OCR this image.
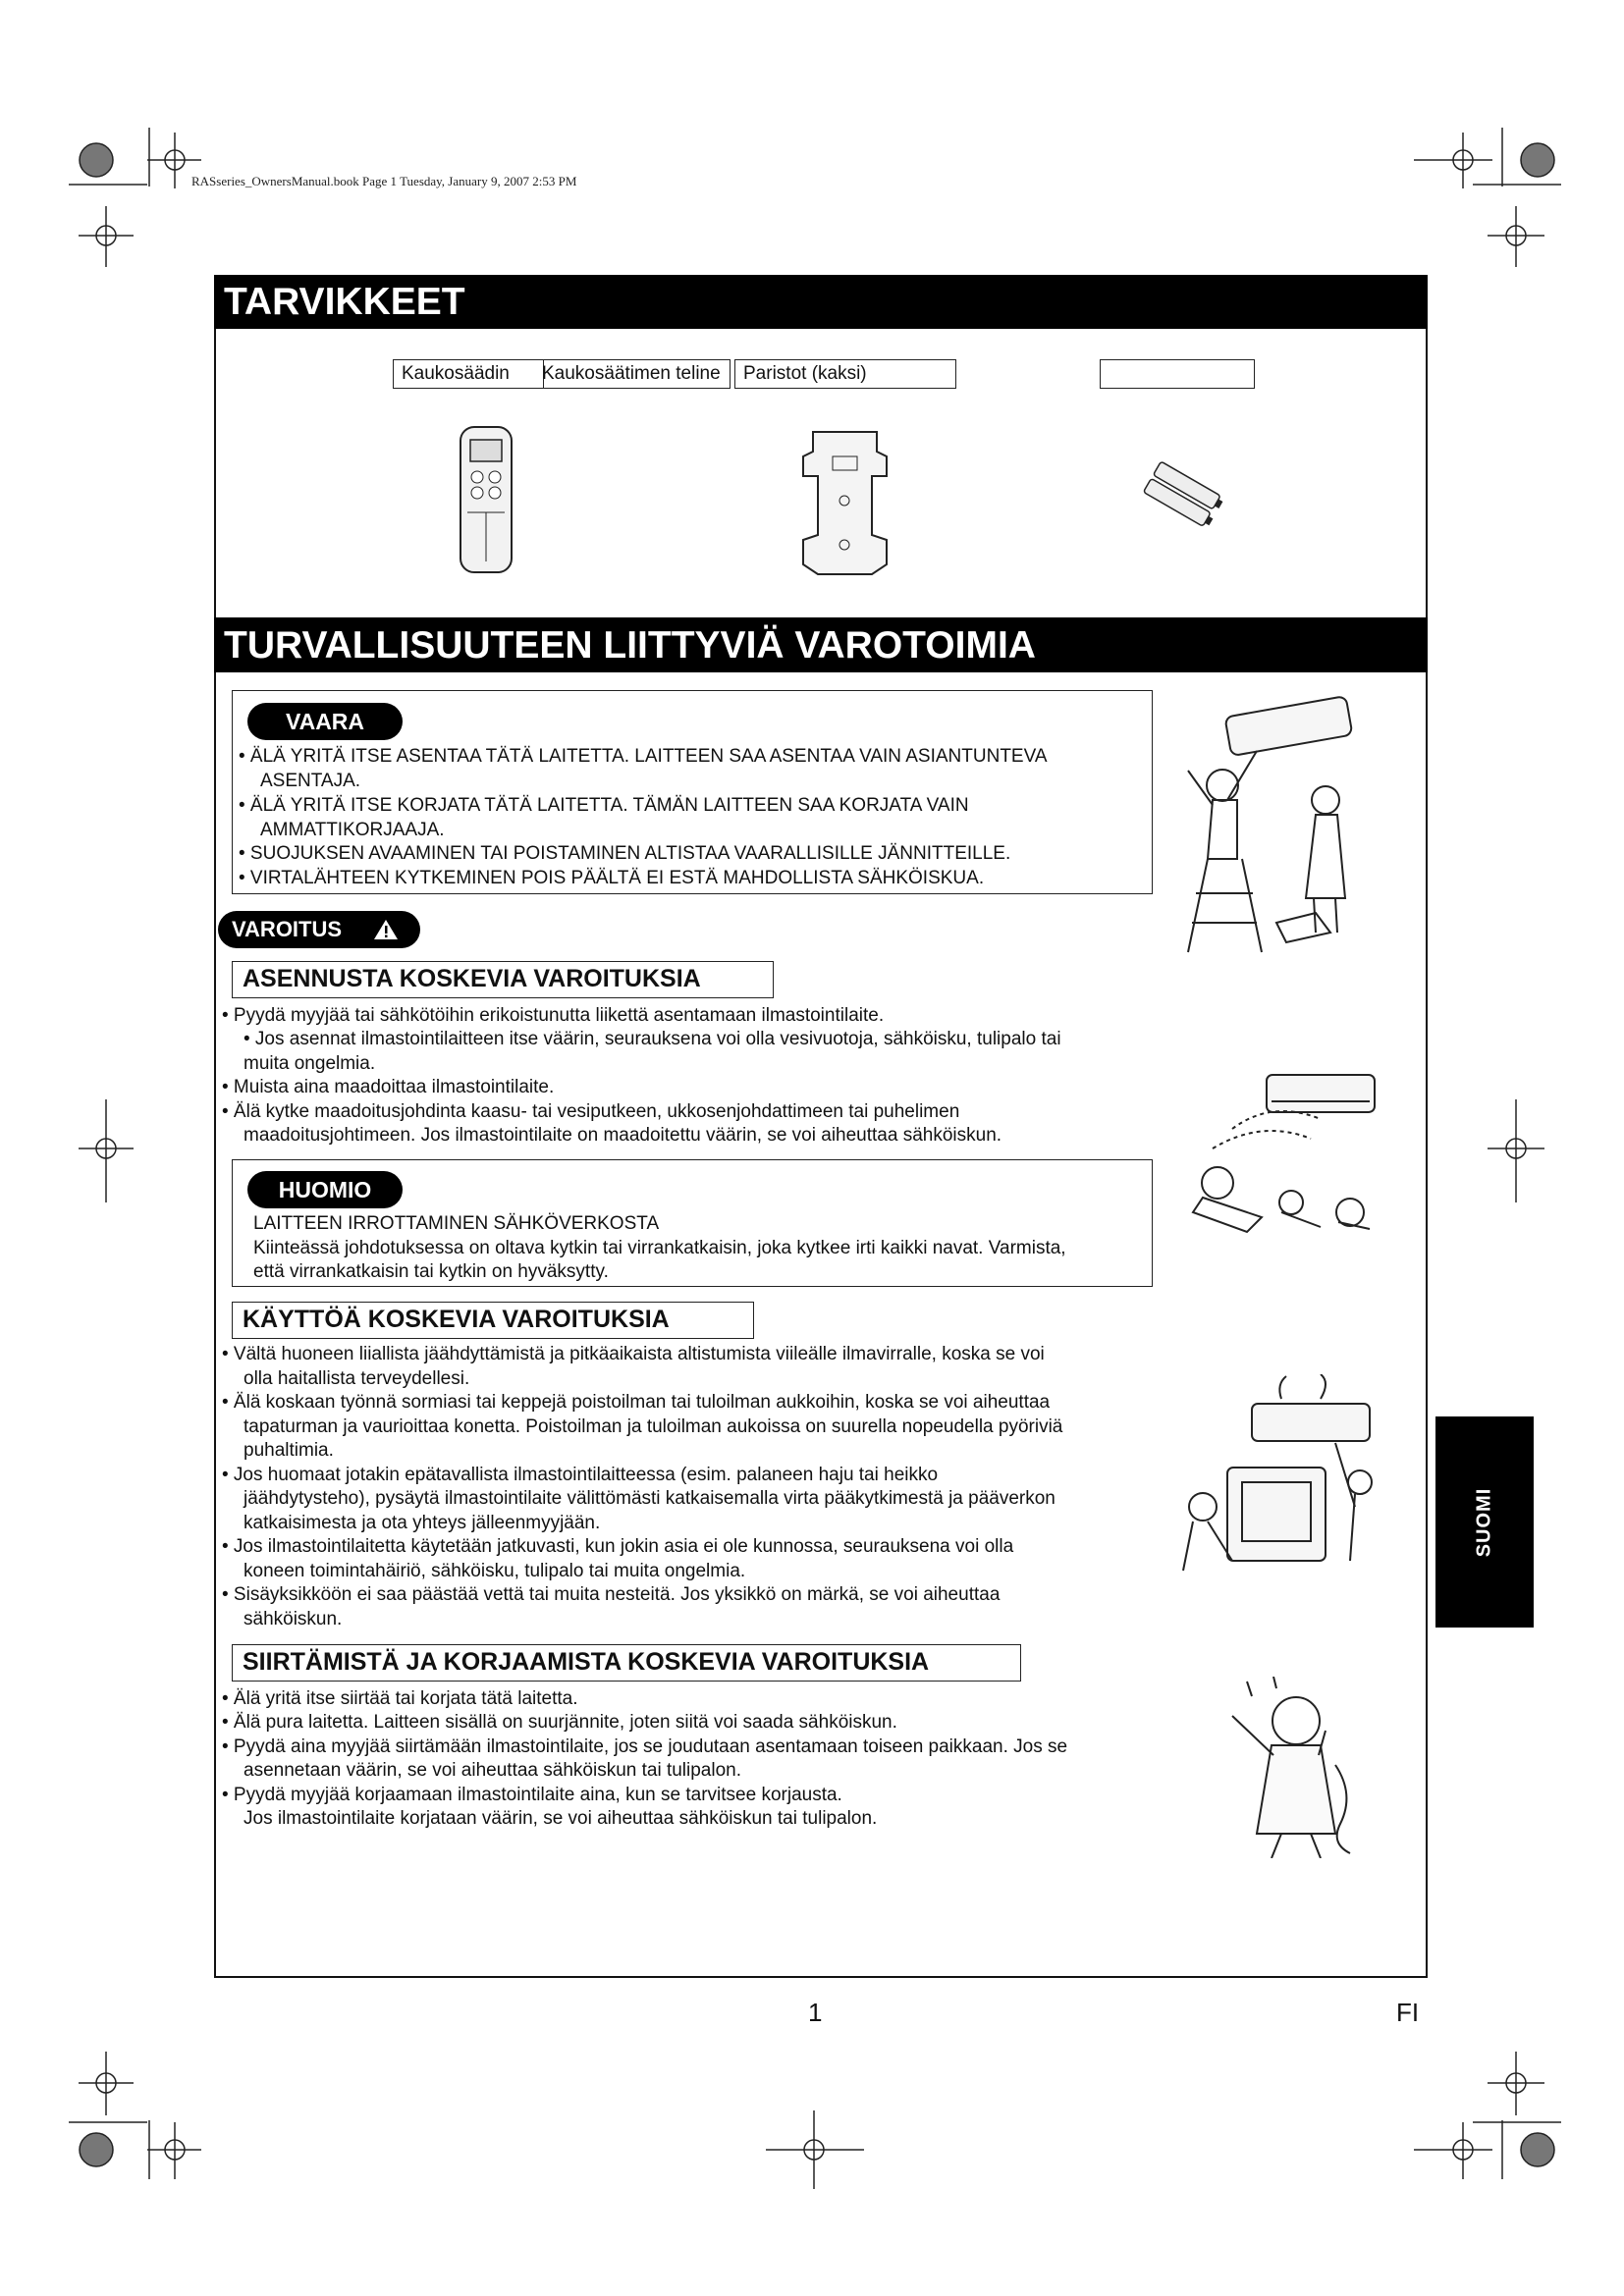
RASseries_OwnersManual.book Page 1 Tuesday, January 9, 2007 2:53 PM
TARVIKKEET
Kaukosäädin	Kaukosäätimen teline	Paristot (kaksi)
TURVALLISUUTEEN LIITTYVIÄ VAROTOIMIA
VAARA
• ÄLÄ YRITÄ ITSE ASENTAA TÄTÄ LAITETTA. LAITTEEN SAA ASENTAA VAIN ASIANTUNTEVA
ASENTAJA.
• ÄLÄ YRITÄ ITSE KORJATA TÄTÄ LAITETTA. TÄMÄN LAITTEEN SAA KORJATA VAIN
AMMATTIKORJAAJA.
• SUOJUKSEN AVAAMINEN TAI POISTAMINEN ALTISTAA VAARALLISILLE JÄNNITTEILLE.
• VIRTALÄHTEEN KYTKEMINEN POIS PÄÄLTÄ EI ESTÄ MAHDOLLISTA SÄHKÖISKUA.
VAROITUS
ASENNUSTA KOSKEVIA VAROITUKSIA
• Pyydä myyjää tai sähkötöihin erikoistunutta liikettä asentamaan ilmastointilaite.
• Jos asennat ilmastointilaitteen itse väärin, seurauksena voi olla vesivuotoja, sähköisku, tulipalo tai
muita ongelmia.
• Muista aina maadoittaa ilmastointilaite.
• Älä kytke maadoitusjohdinta kaasu- tai vesiputkeen, ukkosenjohdattimeen tai puhelimen
maadoitusjohtimeen. Jos ilmastointilaite on maadoitettu väärin, se voi aiheuttaa sähköiskun.
HUOMIO
LAITTEEN IRROTTAMINEN SÄHKÖVERKOSTA
Kiinteässä johdotuksessa on oltava kytkin tai virrankatkaisin, joka kytkee irti kaikki navat. Varmista,
että virrankatkaisin tai kytkin on hyväksytty.
KÄYTTÖÄ KOSKEVIA VAROITUKSIA
• Vältä huoneen liiallista jäähdyttämistä ja pitkäaikaista altistumista viileälle ilmavirralle, koska se voi
olla haitallista terveydellesi.
• Älä koskaan työnnä sormiasi tai keppejä poistoilman tai tuloilman aukkoihin, koska se voi aiheuttaa
tapaturman ja vaurioittaa konetta. Poistoilman ja tuloilman aukoissa on suurella nopeudella pyöriviä
puhaltimia.
• Jos huomaat jotakin epätavallista ilmastointilaitteessa (esim. palaneen haju tai heikko
jäähdytysteho), pysäytä ilmastointilaite välittömästi katkaisemalla virta pääkytkimestä ja pääverkon
katkaisimesta ja ota yhteys jälleenmyyjään.
• Jos ilmastointilaitetta käytetään jatkuvasti, kun jokin asia ei ole kunnossa, seurauksena voi olla
koneen toimintahäiriö, sähköisku, tulipalo tai muita ongelmia.
• Sisäyksikköön ei saa päästää vettä tai muita nesteitä. Jos yksikkö on märkä, se voi aiheuttaa
sähköiskun.
SIIRTÄMISTÄ JA KORJAAMISTA KOSKEVIA VAROITUKSIA
• Älä yritä itse siirtää tai korjata tätä laitetta.
• Älä pura laitetta. Laitteen sisällä on suurjännite, joten siitä voi saada sähköiskun.
• Pyydä aina myyjää siirtämään ilmastointilaite, jos se joudutaan asentamaan toiseen paikkaan. Jos se
asennetaan väärin, se voi aiheuttaa sähköiskun tai tulipalon.
• Pyydä myyjää korjaamaan ilmastointilaite aina, kun se tarvitsee korjausta.
Jos ilmastointilaite korjataan väärin, se voi aiheuttaa sähköiskun tai tulipalon.
SUOMI
1	FI
